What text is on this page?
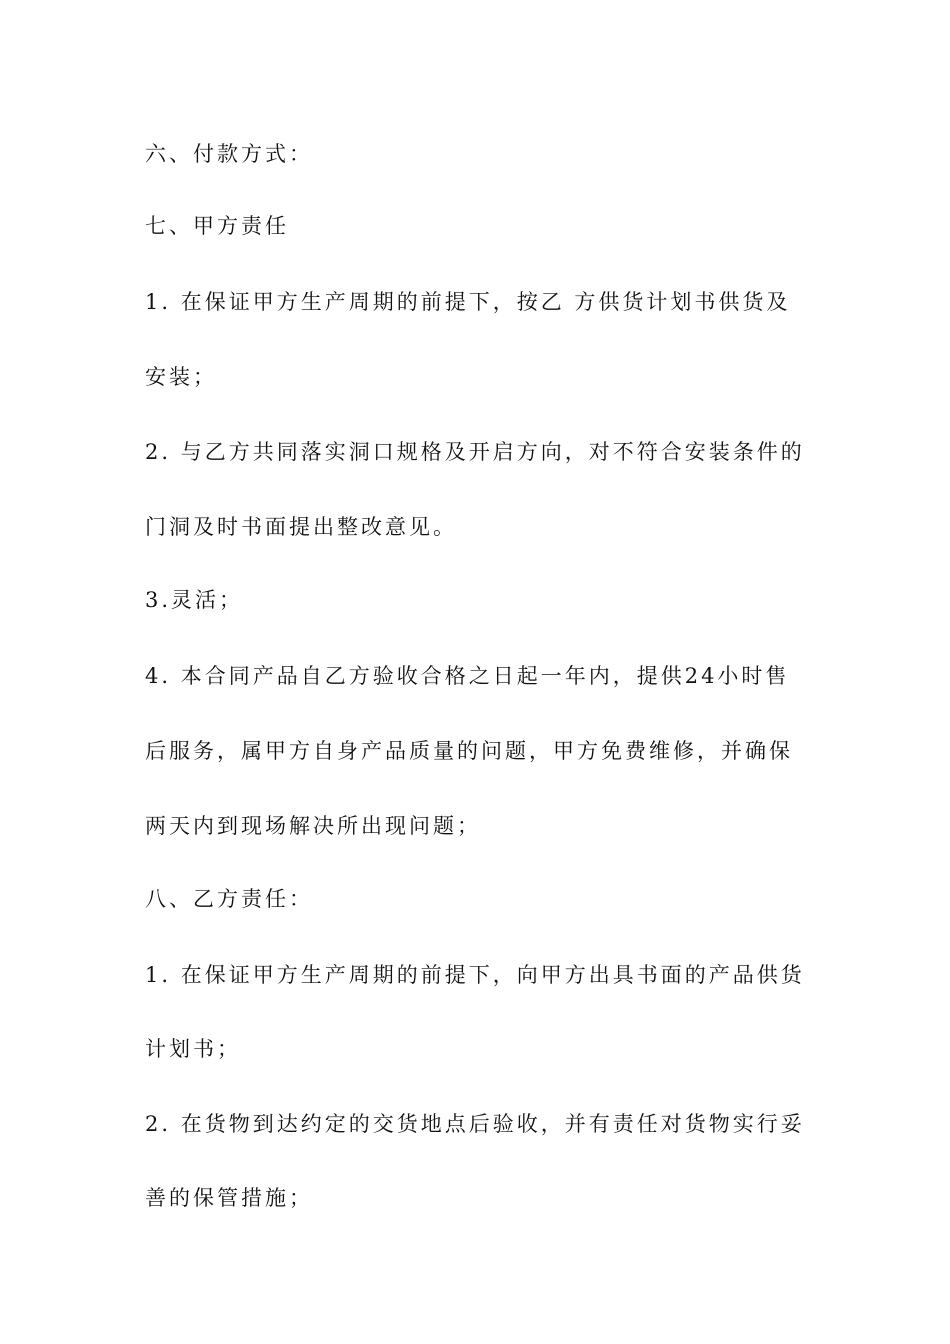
六、付款方式：

七、甲方责任

1. 在保证甲方生产周期的前提下，按乙 方供货计划书供货及

安装；

2. 与乙方共同落实洞口规格及开启方向，对不符合安装条件的

门洞及时书面提出整改意见。

3.灵活；

4. 本合同产品自乙方验收合格之日起一年内，提供24小时售

后服务，属甲方自身产品质量的问题，甲方免费维修，并确保

两天内到现场解决所出现问题；

八、乙方责任：

1. 在保证甲方生产周期的前提下，向甲方出具书面的产品供货

计划书；

2. 在货物到达约定的交货地点后验收，并有责任对货物实行妥

善的保管措施；
